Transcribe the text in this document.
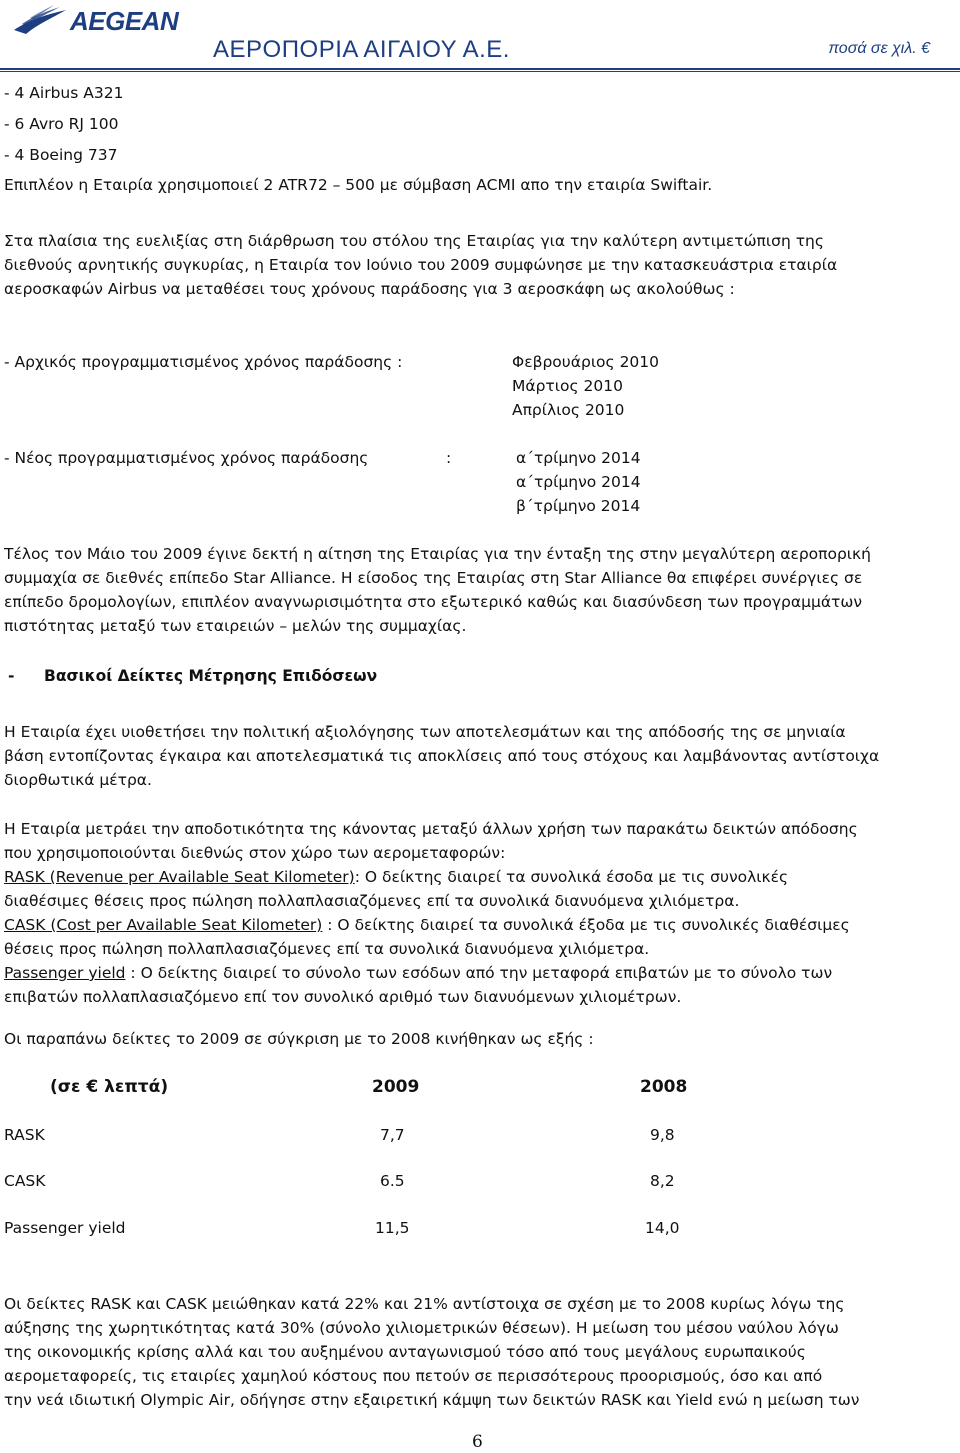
AEGEAN
ΑΕΡΟΠΟΡΙΑ ΑΙΓΑΙΟΥ Α.Ε.	ποσά σε χιλ. €
- 4 Airbus A321
- 6 Avro RJ 100
- 4 Boeing 737
Επιπλέον η Εταιρία χρησιμοποιεί 2 ATR72 – 500 με σύμβαση ACMI απο την εταιρία Swiftair.
Στα πλαίσια της ευελιξίας στη διάρθρωση του στόλου της Εταιρίας για την καλύτερη αντιμετώπιση της
διεθνούς αρνητικής συγκυρίας, η Εταιρία τον Ιούνιο του 2009 συμφώνησε με την κατασκευάστρια εταιρία
αεροσκαφών Airbus να μεταθέσει τους χρόνους παράδοσης για 3 αεροσκάφη ως ακολούθως :
- Αρχικός προγραμματισμένος χρόνος παράδοσης :	Φεβρουάριος 2010
Μάρτιος 2010
Απρίλιος 2010
- Νέος προγραμματισμένος χρόνος παράδοσης	:	α΄τρίμηνο 2014
α΄τρίμηνο 2014
β΄τρίμηνο 2014
Τέλος τον Μάιο του 2009 έγινε δεκτή η αίτηση της Εταιρίας για την ένταξη της στην μεγαλύτερη αεροπορική
συμμαχία σε διεθνές επίπεδο Star Alliance. Η είσοδος της Εταιρίας στη Star Alliance θα επιφέρει συνέργιες σε
επίπεδο δρομολογίων, επιπλέον αναγνωρισιμότητα στο εξωτερικό καθώς και διασύνδεση των προγραμμάτων
πιστότητας μεταξύ των εταιρειών – μελών της συμμαχίας.
- Βασικοί Δείκτες Μέτρησης Επιδόσεων
Η Εταιρία έχει υιοθετήσει την πολιτική αξιολόγησης των αποτελεσμάτων και της απόδοσής της σε μηνιαία
βάση εντοπίζοντας έγκαιρα και αποτελεσματικά τις αποκλίσεις από τους στόχους και λαμβάνοντας αντίστοιχα
διορθωτικά μέτρα.
Η Εταιρία μετράει την αποδοτικότητα της κάνοντας μεταξύ άλλων χρήση των παρακάτω δεικτών απόδοσης
που χρησιμοποιούνται διεθνώς στον χώρο των αερομεταφορών:
RASK (Revenue per Available Seat Kilometer): Ο δείκτης διαιρεί τα συνολικά έσοδα με τις συνολικές
διαθέσιμες θέσεις προς πώληση πολλαπλασιαζόμενες επί τα συνολικά διανυόμενα χιλιόμετρα.
CASK (Cost per Available Seat Kilometer) : Ο δείκτης διαιρεί τα συνολικά έξοδα με τις συνολικές διαθέσιμες
θέσεις προς πώληση πολλαπλασιαζόμενες επί τα συνολικά διανυόμενα χιλιόμετρα.
Passenger yield : Ο δείκτης διαιρεί το σύνολο των εσόδων από την μεταφορά επιβατών με το σύνολο των
επιβατών πολλαπλασιαζόμενο επί τον συνολικό αριθμό των διανυόμενων χιλιομέτρων.
Οι παραπάνω δείκτες το 2009 σε σύγκριση με το 2008 κινήθηκαν ως εξής :
(σε € λεπτά)	2009	2008
RASK	7,7	9,8
CASK	6.5	8,2
Passenger yield	11,5	14,0
Οι δείκτες RASK και CASK μειώθηκαν κατά 22% και 21% αντίστοιχα σε σχέση με το 2008 κυρίως λόγω της
αύξησης της χωρητικότητας κατά 30% (σύνολο χιλιομετρικών θέσεων). Η μείωση του μέσου ναύλου λόγω
της οικονομικής κρίσης αλλά και του αυξημένου ανταγωνισμού τόσο από τους μεγάλους ευρωπαικούς
αερομεταφορείς, τις εταιρίες χαμηλού κόστους που πετούν σε περισσότερους προορισμούς, όσο και από
την νεά ιδιωτική Olympic Air, οδήγησε στην εξαιρετική κάμψη των δεικτών RASK και Yield ενώ η μείωση των
6
